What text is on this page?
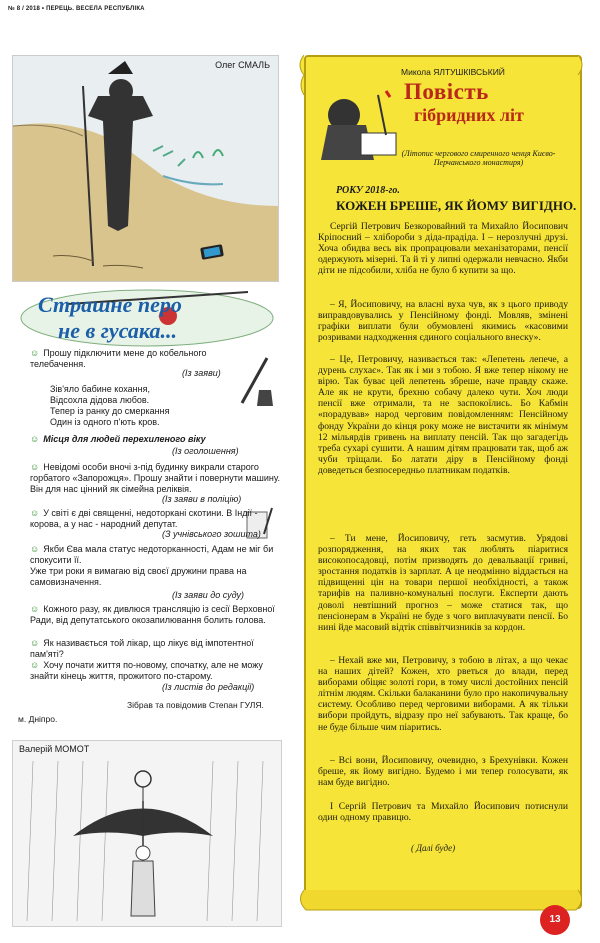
№ 8 / 2018 • ПЕРЕЦЬ. ВЕСЕЛА РЕСПУБЛІКА
Олег СМАЛЬ
Страшне перо
не в гусака...
☺ Прошу підключити мене до кобельного телебачення.
(Із заяви)
Зів'яло бабине кохання,
Відсохла дідова любов.
Тепер із ранку до смеркання
Один із одного п'ють кров.
☺ Місця для людей перехиленого віку
(Із оголошення)
☺ Невідомі особи вночі з-під будинку викрали старого
горбатого «Запорожця». Прошу знайти і повернути машину. Він для нас цінний як сімейна реліквія.
(Із заяви в поліцію)
☺ У світі є дві священні, недоторкані скотини. В Індії - корова, а у нас - народний депутат.
(З учнівського зошита)
☺ Якби Єва мала статус недоторканності, Адам не міг би спокусити її.
Уже три роки я вимагаю від своєї дружини права на самовизначення.
(Із заяви до суду)
☺ Кожного разу, як дивлюся трансляцію із сесії Верховної Ради, від депутатського окозапилювання болить голова.
☺ Як називається той лікар, що лікує від імпотентної пам'яті?
☺ Хочу почати життя по-новому, спочатку, але не можу знайти кінець життя, прожитого по-старому.
(Із листів до редакції)
Зібрав та повідомив Степан ГУЛЯ.
м. Дніпро.
Валерій МОМОТ
Микола ЯЛТУШКІВСЬКИЙ
Повість
гібридних літ
(Літопис чергового смиренного ченця Києво-Перчанського монастиря)
РОКУ 2018-го.
КОЖЕН БРЕШЕ, ЯК ЙОМУ ВИГІДНО.
Сергій Петрович Безкоровайний та Михайло Йосипович Кріпосний – хлібороби з діда-прадіда. І – нерозлучні друзі. Хоча обидва весь вік пропрацювали механізаторами, пенсії одержують мізерні. Та й ті у липні одержали невчасно. Якби діти не підсобили, хліба не було б купити за що.
– Я, Йосиповичу, на власні вуха чув, як з цього приводу виправдовувались у Пенсійному фонді. Мовляв, змінені графіки виплати були обумовлені якимись «касовими розривами надходження єдиного соціального внеску».
– Це, Петровичу, називається так: «Лепетень лепече, а дурень слухає». Так як і ми з тобою. Я вже тепер нікому не вірю. Так буває цей лепетень збреше, наче правду скаже. Але як не крути, брехню собачу далеко чути. Хоч люди пенсії вже отримали, та не заспокоїлись. Бо Кабмін «порадував» народ черговим повідомленням: Пенсійному фонду України до кінця року може не вистачити як мінімум 12 мільярдів гривень на виплату пенсій. Так що загадегідь треба сухарі сушити. А нашим дітям працювати так, щоб аж чуби тріщали. Бо латати діру в Пенсійному фонді доведеться безпосередньо платникам податків.
– Ти мене, Йосиповичу, геть засмутив. Урядові розпорядження, на яких так люблять піаритися високопосадовці, потім призводять до девальвації гривні, зростання податків із зарплат. А це неодмінно віддається на підвищенні цін на товари першої необхідності, а також тарифів на паливно-комунальні послуги. Експерти дають доволі невтішний прогноз – може статися так, що пенсіонерам в Україні не буде з чого виплачувати пенсії. Бо нині йде масовий відтік співвітчизників за кордон.
– Нехай вже ми, Петровичу, з тобою в літах, а що чекає на наших дітей? Кожен, хто рветься до влади, перед виборами обіцяє золоті гори, в тому числі достойних пенсій літнім людям. Скільки балаканини було про накопичувальну систему. Особливо перед черговими виборами. А як тільки вибори пройдуть, відразу про неї забувають. Так краще, бо не буде більше чим піаритись.
– Всі вони, Йосиповичу, очевидно, з Брехунівки. Кожен бреше, як йому вигідно. Будемо і ми тепер голосувати, як нам буде вигідно.
І Сергій Петрович та Михайло Йосипович потиснули один одному правицю.
( Далі буде)
13
